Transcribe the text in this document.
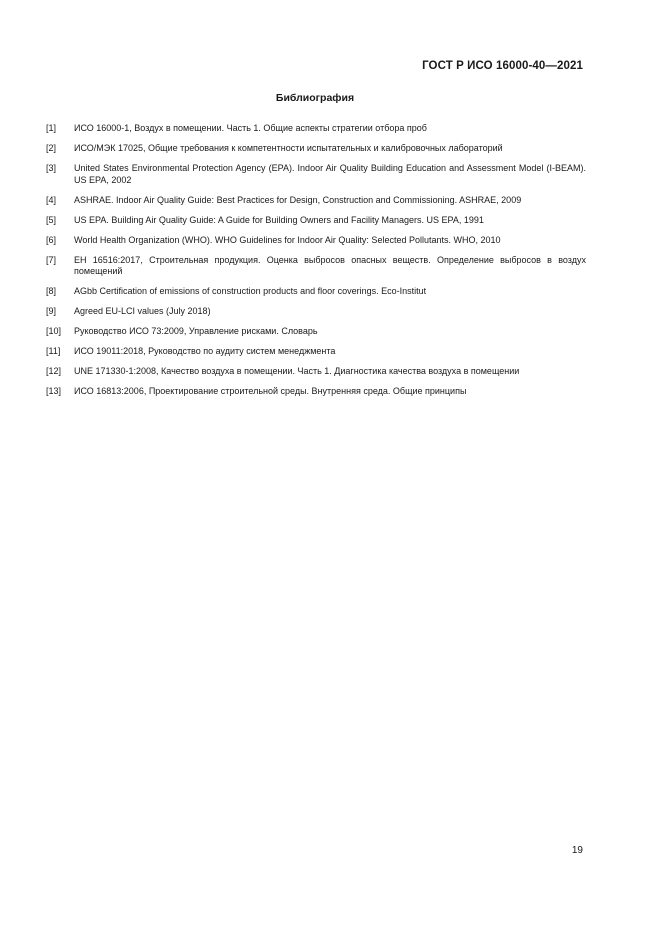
ГОСТ Р ИСО 16000-40—2021
Библиография
[1]	ИСО 16000-1, Воздух в помещении. Часть 1. Общие аспекты стратегии отбора проб
[2]	ИСО/МЭК 17025, Общие требования к компетентности испытательных и калибровочных лабораторий
[3]	United States Environmental Protection Agency (EPA). Indoor Air Quality Building Education and Assessment Model (I-BEAM). US EPA, 2002
[4]	ASHRAE. Indoor Air Quality Guide: Best Practices for Design, Construction and Commissioning. ASHRAE, 2009
[5]	US EPA. Building Air Quality Guide: A Guide for Building Owners and Facility Managers. US EPA, 1991
[6]	World Health Organization (WHO). WHO Guidelines for Indoor Air Quality: Selected Pollutants. WHO, 2010
[7]	ЕН 16516:2017, Строительная продукция. Оценка выбросов опасных веществ. Определение выбросов в воздух помещений
[8]	AGbb Certification of emissions of construction products and floor coverings. Eco-Institut
[9]	Agreed EU-LCI values (July 2018)
[10]	Руководство ИСО 73:2009, Управление рисками. Словарь
[11]	ИСО 19011:2018, Руководство по аудиту систем менеджмента
[12]	UNE 171330-1:2008, Качество воздуха в помещении. Часть 1. Диагностика качества воздуха в помещении
[13]	ИСО 16813:2006, Проектирование строительной среды. Внутренняя среда. Общие принципы
19
